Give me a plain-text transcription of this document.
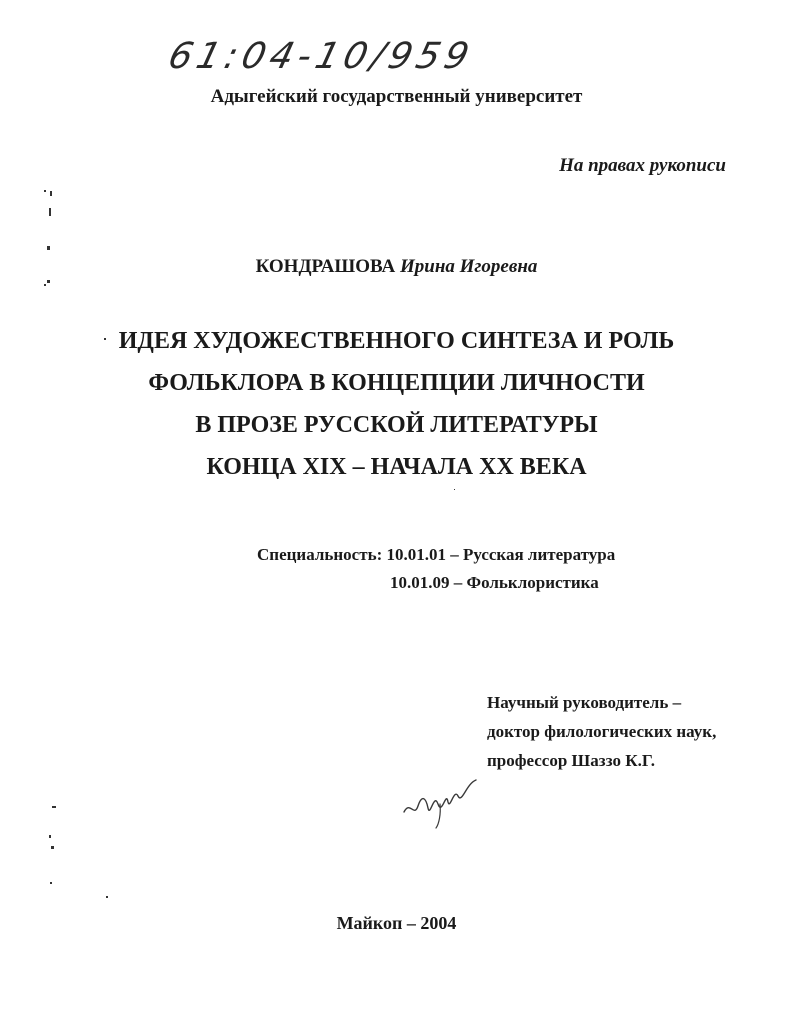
61:04-10/959
Адыгейский государственный университет
На правах рукописи
КОНДРАШОВА Ирина Игоревна
ИДЕЯ ХУДОЖЕСТВЕННОГО СИНТЕЗА И РОЛЬ
ФОЛЬКЛОРА В КОНЦЕПЦИИ ЛИЧНОСТИ
В ПРОЗЕ РУССКОЙ ЛИТЕРАТУРЫ
КОНЦА XIX – НАЧАЛА XX ВЕКА
Специальность: 10.01.01 – Русская литература
10.01.09 – Фольклористика
Научный руководитель –
доктор филологических наук,
профессор Шаззо К.Г.
Майкоп – 2004
